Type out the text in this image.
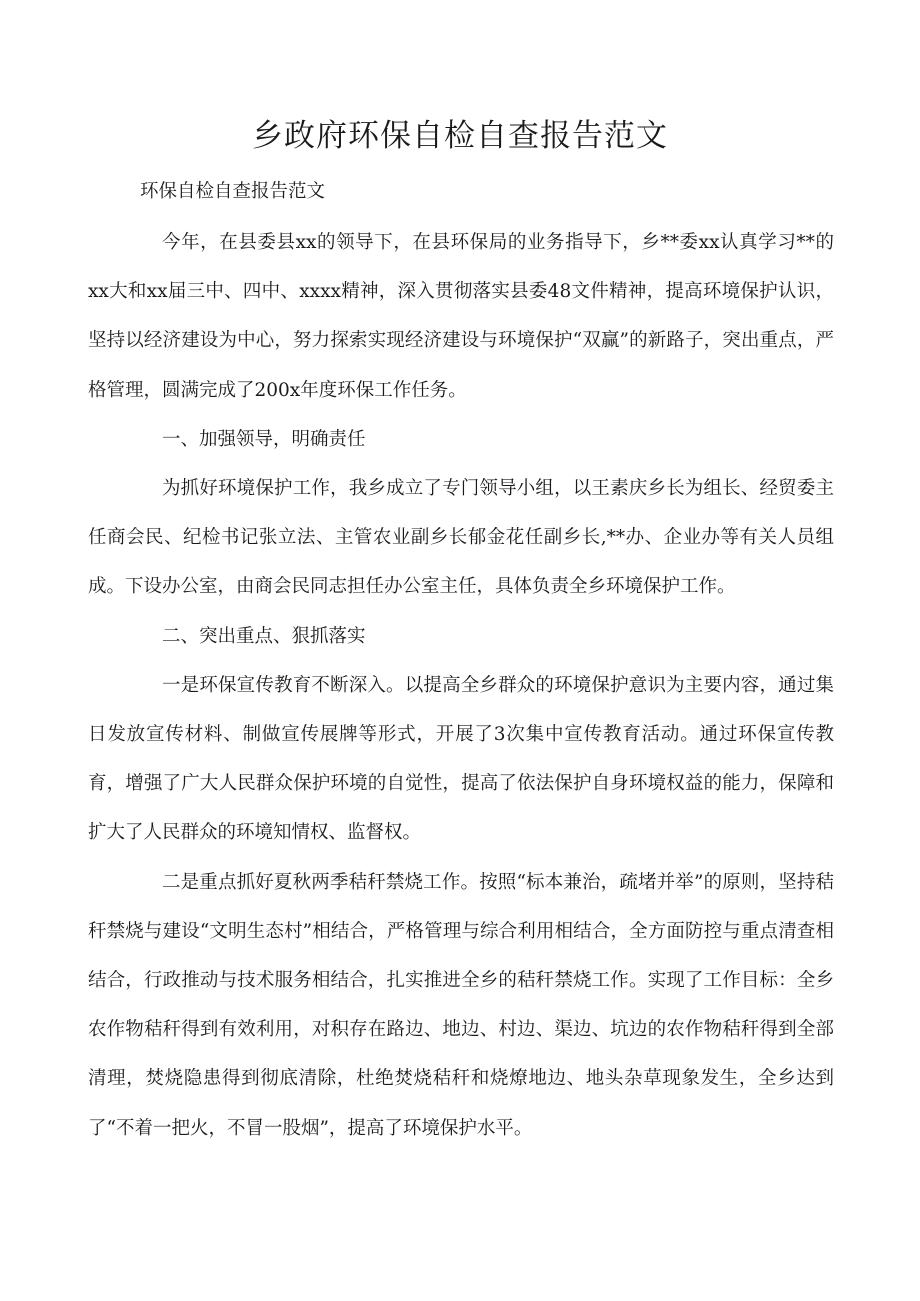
乡政府环保自检自查报告范文

环保自检自查报告范文

今年，在县委县xx的领导下，在县环保局的业务指导下，乡**委xx认真学习**的xx大和xx届三中、四中、xxxx精神，深入贯彻落实县委48文件精神，提高环境保护认识，坚持以经济建设为中心，努力探索实现经济建设与环境保护“双赢”的新路子，突出重点，严格管理，圆满完成了200x年度环保工作任务。

一、加强领导，明确责任

为抓好环境保护工作，我乡成立了专门领导小组，以王素庆乡长为组长、经贸委主任商会民、纪检书记张立法、主管农业副乡长郁金花任副乡长,**办、企业办等有关人员组成。下设办公室，由商会民同志担任办公室主任，具体负责全乡环境保护工作。

二、突出重点、狠抓落实

一是环保宣传教育不断深入。以提高全乡群众的环境保护意识为主要内容，通过集日发放宣传材料、制做宣传展牌等形式，开展了3次集中宣传教育活动。通过环保宣传教育，增强了广大人民群众保护环境的自觉性，提高了依法保护自身环境权益的能力，保障和扩大了人民群众的环境知情权、监督权。

二是重点抓好夏秋两季秸秆禁烧工作。按照“标本兼治，疏堵并举”的原则，坚持秸秆禁烧与建设“文明生态村”相结合，严格管理与综合利用相结合，全方面防控与重点清查相结合，行政推动与技术服务相结合，扎实推进全乡的秸秆禁烧工作。实现了工作目标：全乡农作物秸秆得到有效利用，对积存在路边、地边、村边、渠边、坑边的农作物秸秆得到全部清理，焚烧隐患得到彻底清除，杜绝焚烧秸秆和烧燎地边、地头杂草现象发生，全乡达到了“不着一把火，不冒一股烟”，提高了环境保护水平。
